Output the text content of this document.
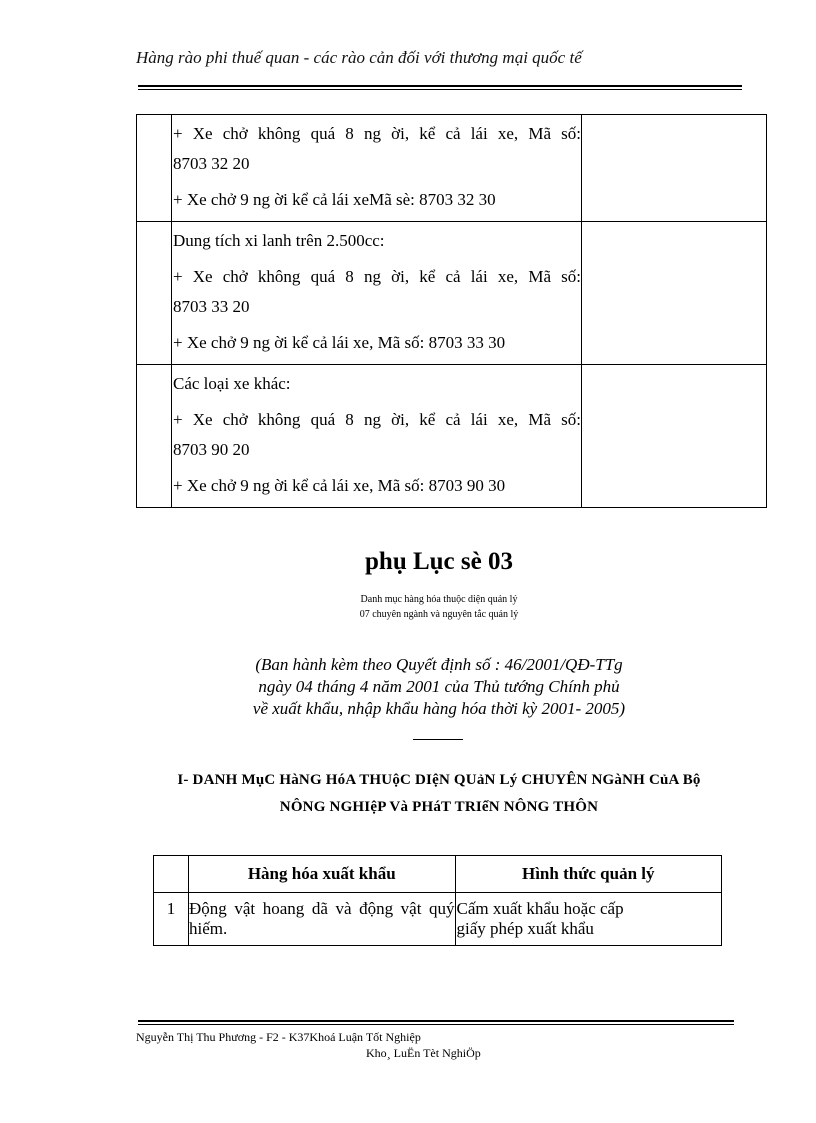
Hàng rào phi thuế quan - các rào cản đối với thương mại quốc tế

	+ Xe chở không quá 8 ng ời, kể cả lái xe, Mã số:
8703 32 20
+ Xe chở 9 ng ời kể cả lái xeMã sè: 8703 32 30	

	Dung tích xi lanh trên 2.500cc:
+ Xe chở không quá 8 ng ời, kể cả lái xe, Mã số:
8703 33 20
+ Xe chở 9 ng ời kể cả lái xe, Mã số: 8703 33 30	

	Các loại xe khác:
+ Xe chở không quá 8 ng ời, kể cả lái xe, Mã số:
8703 90 20
+ Xe chở 9 ng ời kể cả lái xe, Mã số: 8703 90 30	

phụ Lục sè 03
Danh mục hàng hóa thuộc diện quản lý
07 chuyên ngành và nguyên tắc quản lý
(Ban hành kèm theo Quyết định số : 46/2001/QĐ-TTg
ngày 04 tháng 4 năm 2001 của Thủ tướng Chính phủ
về xuất khẩu, nhập khẩu hàng hóa thời kỳ 2001- 2005)
I- DANH MụC HàNG HóA THUộC DIệN QUảN Lý CHUYÊN NGàNH CủA Bộ
NÔNG NGHIệP Và PHáT TRIểN NÔNG THÔN
	Hàng hóa xuất khẩu	Hình thức quản lý
1	Động vật hoang dã và động vật quý
hiếm.	Cấm xuất khẩu hoặc cấp
giấy phép xuất khẩu
Nguyễn Thị Thu Phương - F2 - K37Khoá Luận Tốt Nghiệp
Kho¸ LuËn Tèt NghiÖp
